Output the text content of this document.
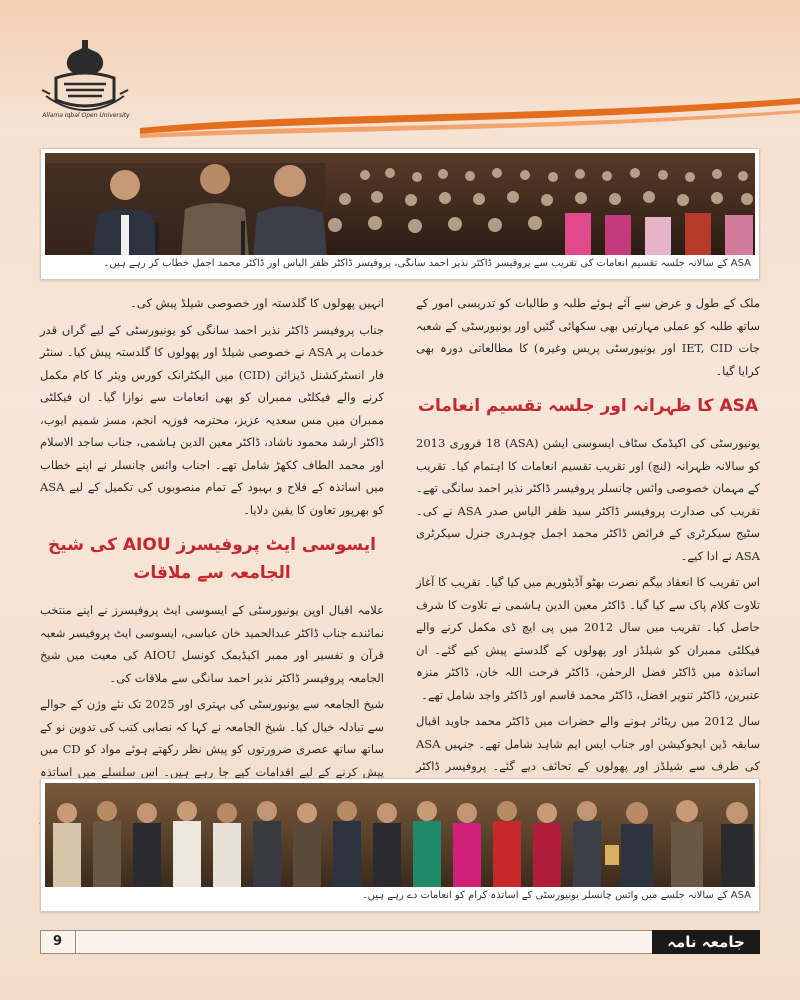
Allama Iqbal Open University
ASA کے سالانہ جلسہ تقسیم انعامات کی تقریب سے پروفیسر ڈاکٹر نذیر احمد سانگی، پروفیسر ڈاکٹر ظفر الیاس اور ڈاکٹر محمد اجمل خطاب کر رہے ہیں۔

ملک کے طول و عرض سے آئے ہوئے طلبہ و طالبات کو تدریسی امور کے ساتھ طلبہ کو عملی مہارتیں بھی سکھائی گئیں اور یونیورسٹی کے شعبہ جات IET, CID اور یونیورسٹی پریس وغیرہ) کا مطالعاتی دورہ بھی کرایا گیا۔

ASA کا ظہرانہ اور جلسہ تقسیم انعامات

یونیورسٹی کی اکیڈمک سٹاف ایسوسی ایشن (ASA) 18 فروری 2013 کو سالانہ ظہرانہ (لنچ) اور تقریب تقسیم انعامات کا اہتمام کیا۔ تقریب کے مہمان خصوصی وائس چانسلر پروفیسر ڈاکٹر نذیر احمد سانگی تھے۔ تقریب کی صدارت پروفیسر ڈاکٹر سید ظفر الیاس صدر ASA نے کی۔ سٹیج سیکرٹری کے فرائض ڈاکٹر محمد اجمل چوہدری جنرل سیکرٹری ASA نے ادا کیے۔

اس تقریب کا انعقاد بیگم نصرت بھٹو آڈیٹوریم میں کیا گیا۔ تقریب کا آغاز تلاوت کلام پاک سے کیا گیا۔ ڈاکٹر معین الدین ہاشمی نے تلاوت کا شرف حاصل کیا۔ تقریب میں سال 2012 میں پی ایچ ڈی مکمل کرنے والے فیکلٹی ممبران کو شیلڈز اور پھولوں کے گلدستے پیش کیے گئے۔ ان اساتذہ میں ڈاکٹر فضل الرحمٰن، ڈاکٹر فرحت اللہ خان، ڈاکٹر منزہ عنبرین، ڈاکٹر تنویر افضل، ڈاکٹر محمد قاسم اور ڈاکٹر واجد شامل تھے۔

سال 2012 میں ریٹائر ہونے والے حضرات میں ڈاکٹر محمد جاوید اقبال سابقہ ڈین ایجوکیشن اور جناب ایس ایم شاہد شامل تھے۔ جنہیں ASA کی طرف سے شیلڈز اور پھولوں کے تحائف دیے گئے۔ پروفیسر ڈاکٹر

انہیں پھولوں کا گلدستہ اور خصوصی شیلڈ پیش کی۔

جناب پروفیسر ڈاکٹر نذیر احمد سانگی کو یونیورسٹی کے لیے گراں قدر خدمات پر ASA نے خصوصی شیلڈ اور پھولوں کا گلدستہ پیش کیا۔ سنٹر فار انسٹرکشنل ڈیزائن (CID) میں الیکٹرانک کورس ویئر کا کام مکمل کرنے والے فیکلٹی ممبران کو بھی انعامات سے نوازا گیا۔ ان فیکلٹی ممبران میں مس سعدیہ عزیز، محترمہ فوزیہ انجم، مسز شمیم ایوب، ڈاکٹر ارشد محمود ناشاد، ڈاکٹر معین الدین ہاشمی، جناب ساجد الاسلام اور محمد الطاف ککھڑ شامل تھے۔ اجناب وائس چانسلر نے اپنے خطاب میں اساتذہ کے فلاح و بہبود کے تمام منصوبوں کی تکمیل کے لیے ASA کو بھرپور تعاون کا یقین دلایا۔

ایسوسی ایٹ پروفیسرز AIOU کی شیخ الجامعہ سے ملاقات

علامہ اقبال اوپن یونیورسٹی کے ایسوسی ایٹ پروفیسرز نے اپنے منتخب نمائندے جناب ڈاکٹر عبدالحمید خان عباسی، ایسوسی ایٹ پروفیسر شعبہ قرآن و تفسیر اور ممبر اکیڈیمک کونسل AIOU کی معیت میں شیخ الجامعہ پروفیسر ڈاکٹر نذیر احمد سانگی سے ملاقات کی۔

شیخ الجامعہ سے یونیورسٹی کی بہتری اور 2025 تک نئے وژن کے حوالے سے تبادلہ خیال کیا۔ شیخ الجامعہ نے کہا کہ نصابی کتب کی تدوین نو کے ساتھ ساتھ عصری ضرورتوں کو پیش نظر رکھتے ہوئے مواد کو CD میں پیش کرنے کے لیے اقدامات کیے جا رہے ہیں۔ اس سلسلے میں اساتذہ

ASA کے سالانہ جلسے میں وائس چانسلر یونیورسٹی کے اساتذہ کرام کو انعامات دے رہے ہیں۔
9	جامعہ نامہ
